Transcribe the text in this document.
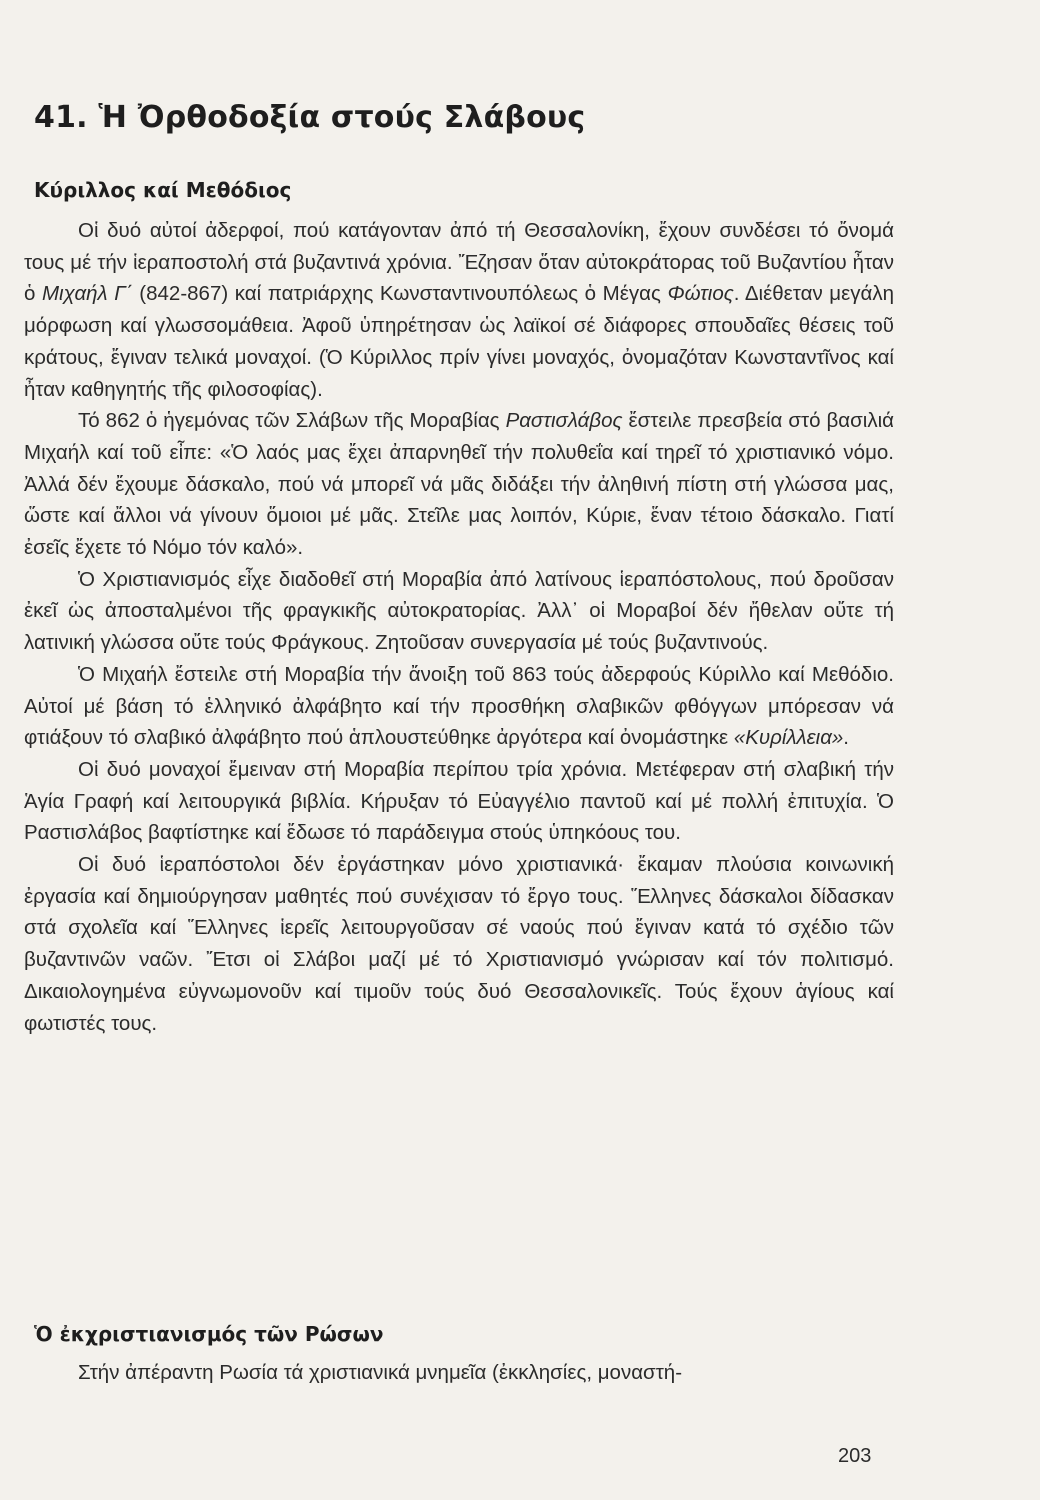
41. Ἡ Ὀρθοδοξία στούς Σλάβους
Κύριλλος καί Μεθόδιος

Οἱ δυό αὐτοί ἀδερφοί, πού κατάγονταν ἀπό τή Θεσσαλονίκη, ἔχουν συνδέσει τό ὄνομά τους μέ τήν ἱεραποστολή στά βυζαντινά χρόνια. Ἔζησαν ὅταν αὐτοκράτορας τοῦ Βυζαντίου ἦταν ὁ Μιχαήλ Γ΄ (842-867) καί πατριάρχης Κωνσταντινουπόλεως ὁ Μέγας Φώτιος. Διέθεταν μεγάλη μόρφωση καί γλωσσομάθεια. Ἀφοῦ ὑπηρέτησαν ὡς λαϊκοί σέ διάφορες σπουδαῖες θέσεις τοῦ κράτους, ἔγιναν τελικά μοναχοί. (Ὁ Κύριλλος πρίν γίνει μοναχός, ὀνομαζόταν Κωνσταντῖνος καί ἦταν καθηγητής τῆς φιλοσοφίας).

Τό 862 ὁ ἡγεμόνας τῶν Σλάβων τῆς Μοραβίας Ραστισλάβος ἔστειλε πρεσβεία στό βασιλιά Μιχαήλ καί τοῦ εἶπε: «Ὁ λαός μας ἔχει ἀπαρνηθεῖ τήν πολυθεΐα καί τηρεῖ τό χριστιανικό νόμο. Ἀλλά δέν ἔχουμε δάσκαλο, πού νά μπορεῖ νά μᾶς διδάξει τήν ἀληθινή πίστη στή γλώσσα μας, ὥστε καί ἄλλοι νά γίνουν ὅμοιοι μέ μᾶς. Στεῖλε μας λοιπόν, Κύριε, ἕναν τέτοιο δάσκαλο. Γιατί ἐσεῖς ἔχετε τό Νόμο τόν καλό».

Ὁ Χριστιανισμός εἶχε διαδοθεῖ στή Μοραβία ἀπό λατίνους ἱεραπόστολους, πού δροῦσαν ἐκεῖ ὡς ἀποσταλμένοι τῆς φραγκικῆς αὐτοκρατορίας. Ἀλλ᾽ οἱ Μοραβοί δέν ἤθελαν οὔτε τή λατινική γλώσσα οὔτε τούς Φράγκους. Ζητοῦσαν συνεργασία μέ τούς βυζαντινούς.

Ὁ Μιχαήλ ἔστειλε στή Μοραβία τήν ἄνοιξη τοῦ 863 τούς ἀδερφούς Κύριλλο καί Μεθόδιο. Αὐτοί μέ βάση τό ἑλληνικό ἀλφάβητο καί τήν προσθήκη σλαβικῶν φθόγγων μπόρεσαν νά φτιάξουν τό σλαβικό ἀλφάβητο πού ἁπλουστεύθηκε ἀργότερα καί ὀνομάστηκε «Κυρίλλεια».

Οἱ δυό μοναχοί ἔμειναν στή Μοραβία περίπου τρία χρόνια. Μετέφεραν στή σλαβική τήν Ἁγία Γραφή καί λειτουργικά βιβλία. Κήρυξαν τό Εὐαγγέλιο παντοῦ καί μέ πολλή ἐπιτυχία. Ὁ Ραστισλάβος βαφτίστηκε καί ἔδωσε τό παράδειγμα στούς ὑπηκόους του.

Οἱ δυό ἱεραπόστολοι δέν ἐργάστηκαν μόνο χριστιανικά· ἔκαμαν πλούσια κοινωνική ἐργασία καί δημιούργησαν μαθητές πού συνέχισαν τό ἔργο τους. Ἕλληνες δάσκαλοι δίδασκαν στά σχολεῖα καί Ἕλληνες ἱερεῖς λειτουργοῦσαν σέ ναούς πού ἔγιναν κατά τό σχέδιο τῶν βυζαντινῶν ναῶν. Ἔτσι οἱ Σλάβοι μαζί μέ τό Χριστιανισμό γνώρισαν καί τόν πολιτισμό. Δικαιολογημένα εὐγνωμονοῦν καί τιμοῦν τούς δυό Θεσσαλονικεῖς. Τούς ἔχουν ἁγίους καί φωτιστές τους.

Ὁ ἐκχριστιανισμός τῶν Ρώσων

Στήν ἀπέραντη Ρωσία τά χριστιανικά μνημεῖα (ἐκκλησίες, μοναστή-

203
